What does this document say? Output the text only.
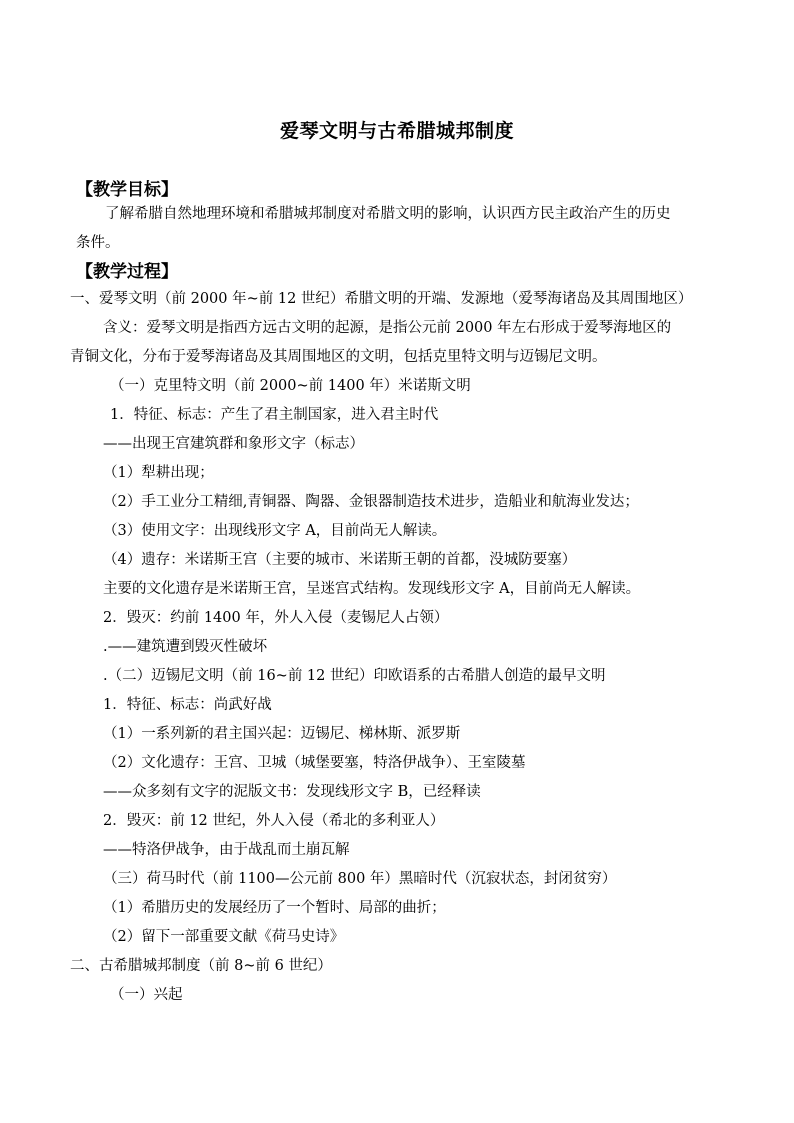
爱琴文明与古希腊城邦制度
【教学目标】
了解希腊自然地理环境和希腊城邦制度对希腊文明的影响，认识西方民主政治产生的历史
条件。
【教学过程】
一、爱琴文明（前 2000 年~前 12 世纪）希腊文明的开端、发源地（爱琴海诸岛及其周围地区）
含义：爱琴文明是指西方远古文明的起源，是指公元前 2000 年左右形成于爱琴海地区的
青铜文化，分布于爱琴海诸岛及其周围地区的文明，包括克里特文明与迈锡尼文明。
（一）克里特文明（前 2000~前 1400 年）米诺斯文明
1．特征、标志：产生了君主制国家，进入君主时代
——出现王宫建筑群和象形文字（标志）
（1）犁耕出现；
（2）手工业分工精细,青铜器、陶器、金银器制造技术进步，造船业和航海业发达；
（3）使用文字：出现线形文字 A，目前尚无人解读。
（4）遗存：米诺斯王宫（主要的城市、米诺斯王朝的首都，没城防要塞）
主要的文化遗存是米诺斯王宫，呈迷宫式结构。发现线形文字 A，目前尚无人解读。
2．毁灭：约前 1400 年，外人入侵（麦锡尼人占领）
.——建筑遭到毁灭性破坏
.（二）迈锡尼文明（前 16~前 12 世纪）印欧语系的古希腊人创造的最早文明
1．特征、标志：尚武好战
（1）一系列新的君主国兴起：迈锡尼、梯林斯、派罗斯
（2）文化遗存：王宫、卫城（城堡要塞，特洛伊战争）、王室陵墓
——众多刻有文字的泥版文书：发现线形文字 B，已经释读
2．毁灭：前 12 世纪，外人入侵（希北的多利亚人）
——特洛伊战争，由于战乱而土崩瓦解
（三）荷马时代（前 1100—公元前 800 年）黑暗时代（沉寂状态，封闭贫穷）
（1）希腊历史的发展经历了一个暂时、局部的曲折；
（2）留下一部重要文献《荷马史诗》
二、古希腊城邦制度（前 8~前 6 世纪）
（一）兴起
